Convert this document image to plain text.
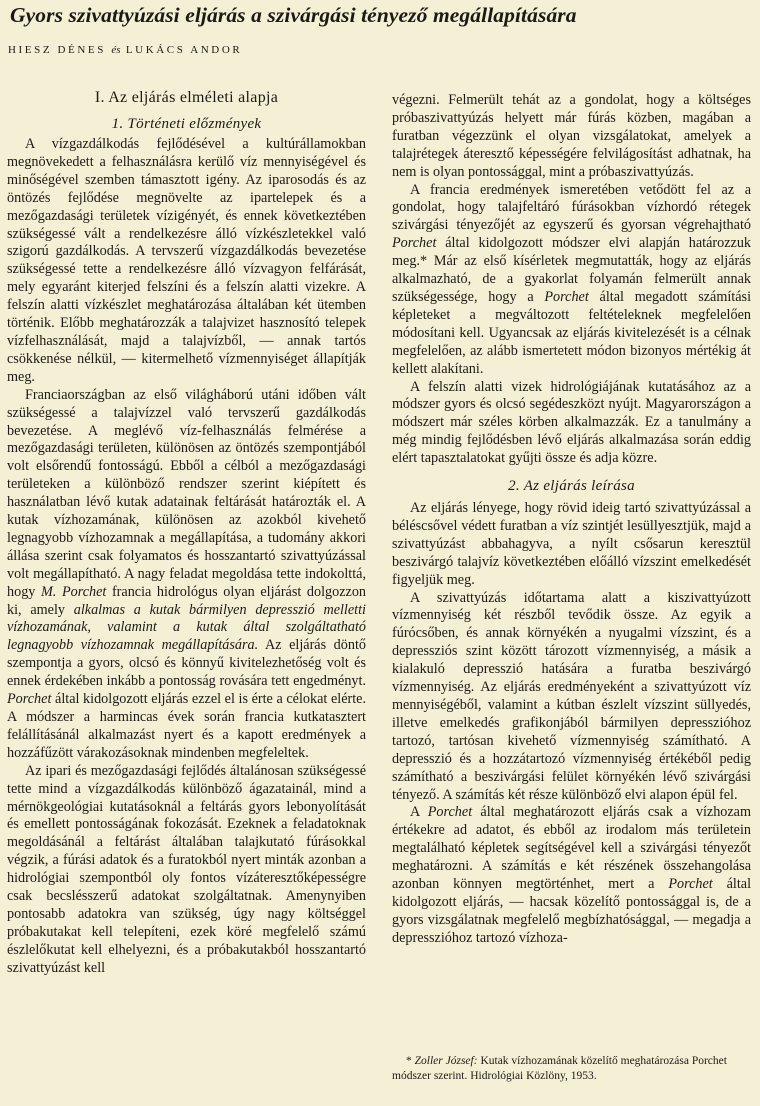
Gyors szivattyúzási eljárás a szivárgási tényező megállapítására
HIESZ DÉNES és LUKÁCS ANDOR
I. Az eljárás elméleti alapja
1. Történeti előzmények

A vízgazdálkodás fejlődésével a kultúrállamokban megnövekedett a felhasználásra kerülő víz mennyiségével és minőségével szemben támasztott igény. Az iparosodás és az öntözés fejlődése megnövelte az ipartelepek és a mezőgazdasági területek vízigényét, és ennek következtében szükségessé vált a rendelkezésre álló vízkészletekkel való szigorú gazdálkodás. A tervszerű vízgazdálkodás bevezetése szükségessé tette a rendelkezésre álló vízvagyon felfárását, mely egyaránt kiterjed felszíni és a felszín alatti vizekre. A felszín alatti vízkészlet meghatározása általában két ütemben történik. Előbb meghatározzák a talajvizet hasznosító telepek vízfelhasználását, majd a talajvízből, — annak tartós csökkenése nélkül, — kitermelhető vízmennyiséget állapítják meg.

Franciaországban az első világháború utáni időben vált szükségessé a talajvízzel való tervszerű gazdálkodás bevezetése. A meglévő víz-felhasználás felmérése a mezőgazdasági területen, különösen az öntözés szempontjából volt elsőrendű fontosságú. Ebből a célból a mezőgazdasági területeken a különböző rendszer szerint kiépített és használatban lévő kutak adatainak feltárását határozták el. A kutak vízhozamának, különösen az azokból kivehető legnagyobb vízhozamnak a megállapítása, a tudomány akkori állása szerint csak folyamatos és hosszantartó szivattyúzással volt megállapítható. A nagy feladat megoldása tette indokolttá, hogy M. Porchet francia hidrológus olyan eljárást dolgozzon ki, amely alkalmas a kutak bármilyen depresszió melletti vízhozamának, valamint a kutak által szolgáltatható legnagyobb vízhozamnak megállapítására. Az eljárás döntő szempontja a gyors, olcsó és könnyű kivitelezhetőség volt és ennek érdekében inkább a pontosság rovására tett engedményt. Porchet által kidolgozott eljárás ezzel el is érte a célokat elérte. A módszer a harmincas évek során francia kutkatasztert felállításánál alkalmazást nyert és a kapott eredmények a hozzáfűzött várakozásoknak mindenben megfeleltek.

Az ipari és mezőgazdasági fejlődés általánosan szükségessé tette mind a vízgazdálkodás különböző ágazatainál, mind a mérnökgeológiai kutatásoknál a feltárás gyors lebonyolítását és emellett pontosságának fokozását. Ezeknek a feladatoknak megoldásánál a feltárást általában talajkutató fúrásokkal végzik, a fúrási adatok és a furatokból nyert minták azonban a hidrológiai szempontból oly fontos vízáteresztőképességre csak becslésszerű adatokat szolgáltatnak. Amenynyiben pontosabb adatokra van szükség, úgy nagy költséggel próbakutakat kell telepíteni, ezek köré megfelelő számú észlelőkutat kell elhelyezni, és a próbakutakból hosszantartó szivattyúzást kell

végezni. Felmerült tehát az a gondolat, hogy a költséges próbaszivattyúzás helyett már fúrás közben, magában a furatban végezzünk el olyan vizsgálatokat, amelyek a talajrétegek áteresztő képességére felvilágosítást adhatnak, ha nem is olyan pontossággal, mint a próbaszivattyúzás.

A francia eredmények ismeretében vetődött fel az a gondolat, hogy talajfeltáró fúrásokban vízhordó rétegek szivárgási tényezőjét az egyszerű és gyorsan végrehajtható Porchet által kidolgozott módszer elvi alapján határozzuk meg.* Már az első kísérletek megmutatták, hogy az eljárás alkalmazható, de a gyakorlat folyamán felmerült annak szükségessége, hogy a Porchet által megadott számítási képleteket a megváltozott feltételeknek megfelelően módosítani kell. Ugyancsak az eljárás kivitelezését is a célnak megfelelően, az alább ismertetett módon bizonyos mértékig át kellett alakítani.

A felszín alatti vizek hidrológiájának kutatásához az a módszer gyors és olcsó segédeszközt nyújt. Magyarországon a módszert már széles körben alkalmazzák. Ez a tanulmány a még mindig fejlődésben lévő eljárás alkalmazása során eddig elért tapasztalatokat gyűjti össze és adja közre.

2. Az eljárás leírása

Az eljárás lényege, hogy rövid ideig tartó szivattyúzással a béléscsővel védett furatban a víz szintjét lesüllyesztjük, majd a szivattyúzást abbahagyva, a nyílt csősarun keresztül beszivárgó talajvíz következtében előálló vízszint emelkedését figyeljük meg.

A szivattyúzás időtartama alatt a kiszivattyúzott vízmennyiség két részből tevődik össze. Az egyik a fúrócsőben, és annak környékén a nyugalmi vízszint, és a depressziós szint között tározott vízmennyiség, a másik a kialakuló depresszió hatására a furatba beszivárgó vízmennyiség. Az eljárás eredményeként a szivattyúzott víz mennyiségéből, valamint a kútban észlelt vízszint süllyedés, illetve emelkedés grafikonjából bármilyen depresszióhoz tartozó, tartósan kivehető vízmennyiség számítható. A depresszió és a hozzátartozó vízmennyiség értékéből pedig számítható a beszivárgási felület környékén lévő szivárgási tényező. A számítás két része különböző elvi alapon épül fel.

A Porchet által meghatározott eljárás csak a vízhozam értékekre ad adatot, és ebből az irodalom más területein megtalálható képletek segítségével kell a szivárgási tényezőt meghatározni. A számítás e két részének összehangolása azonban könnyen megtörténhet, mert a Porchet által kidolgozott eljárás, — hacsak közelítő pontossággal is, de a gyors vizsgálatnak megfelelő megbízhatósággal, — megadja a depresszióhoz tartozó vízhoza-

* Zoller József: Kutak vízhozamának közelítő meghatározása Porchet módszer szerint. Hidrológiai Közlöny, 1953.
